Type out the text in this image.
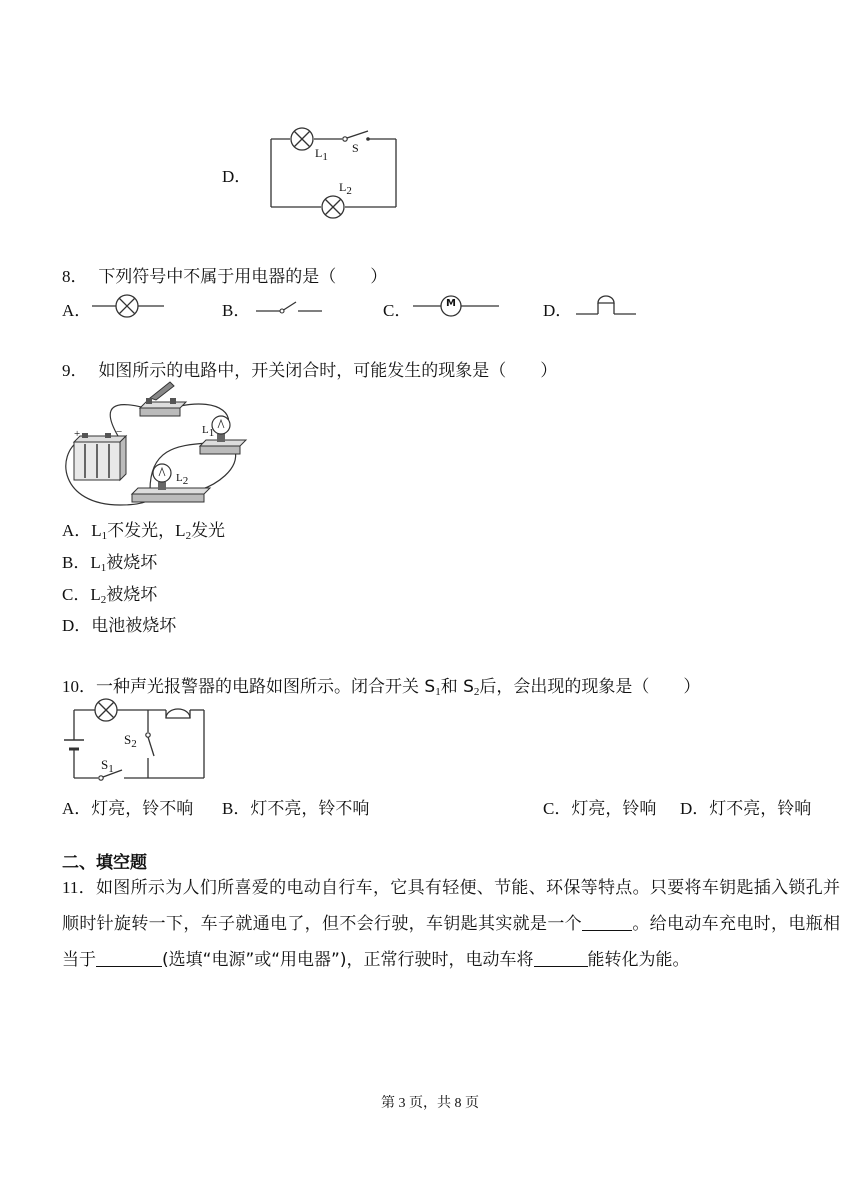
D．
$L_1$
S
$L_2$
8． 下列符号中不属于用电器的是（　　）
A．	B．	C．	M	D．
9． 如图所示的电路中，开关闭合时，可能发生的现象是（　　）
+	−	$L_1$
$L_2$
A．$L_1$不发光，$L_2$发光
B．$L_1$被烧坏
C．$L_2$被烧坏
D．电池被烧坏
10．一种声光报警器的电路如图所示。闭合开关 $S_1$和 $S_2$后，会出现的现象是（　　）
$S_2$
$S_1$
A．灯亮，铃不响 B．灯不亮，铃不响	C．灯亮，铃响 D．灯不亮，铃响
二、填空题
11．如图所示为人们所喜爱的电动自行车，它具有轻便、节能、环保等特点。只要将车钥匙插入锁孔并顺时针旋转一下，车子就通电了，但不会行驶，车钥匙其实就是一个	。给电动车充电时，电瓶相当于	(选填“电源”或“用电器”)，正常行驶时，电动车将	能转化为能。
第 3 页，共 8 页
